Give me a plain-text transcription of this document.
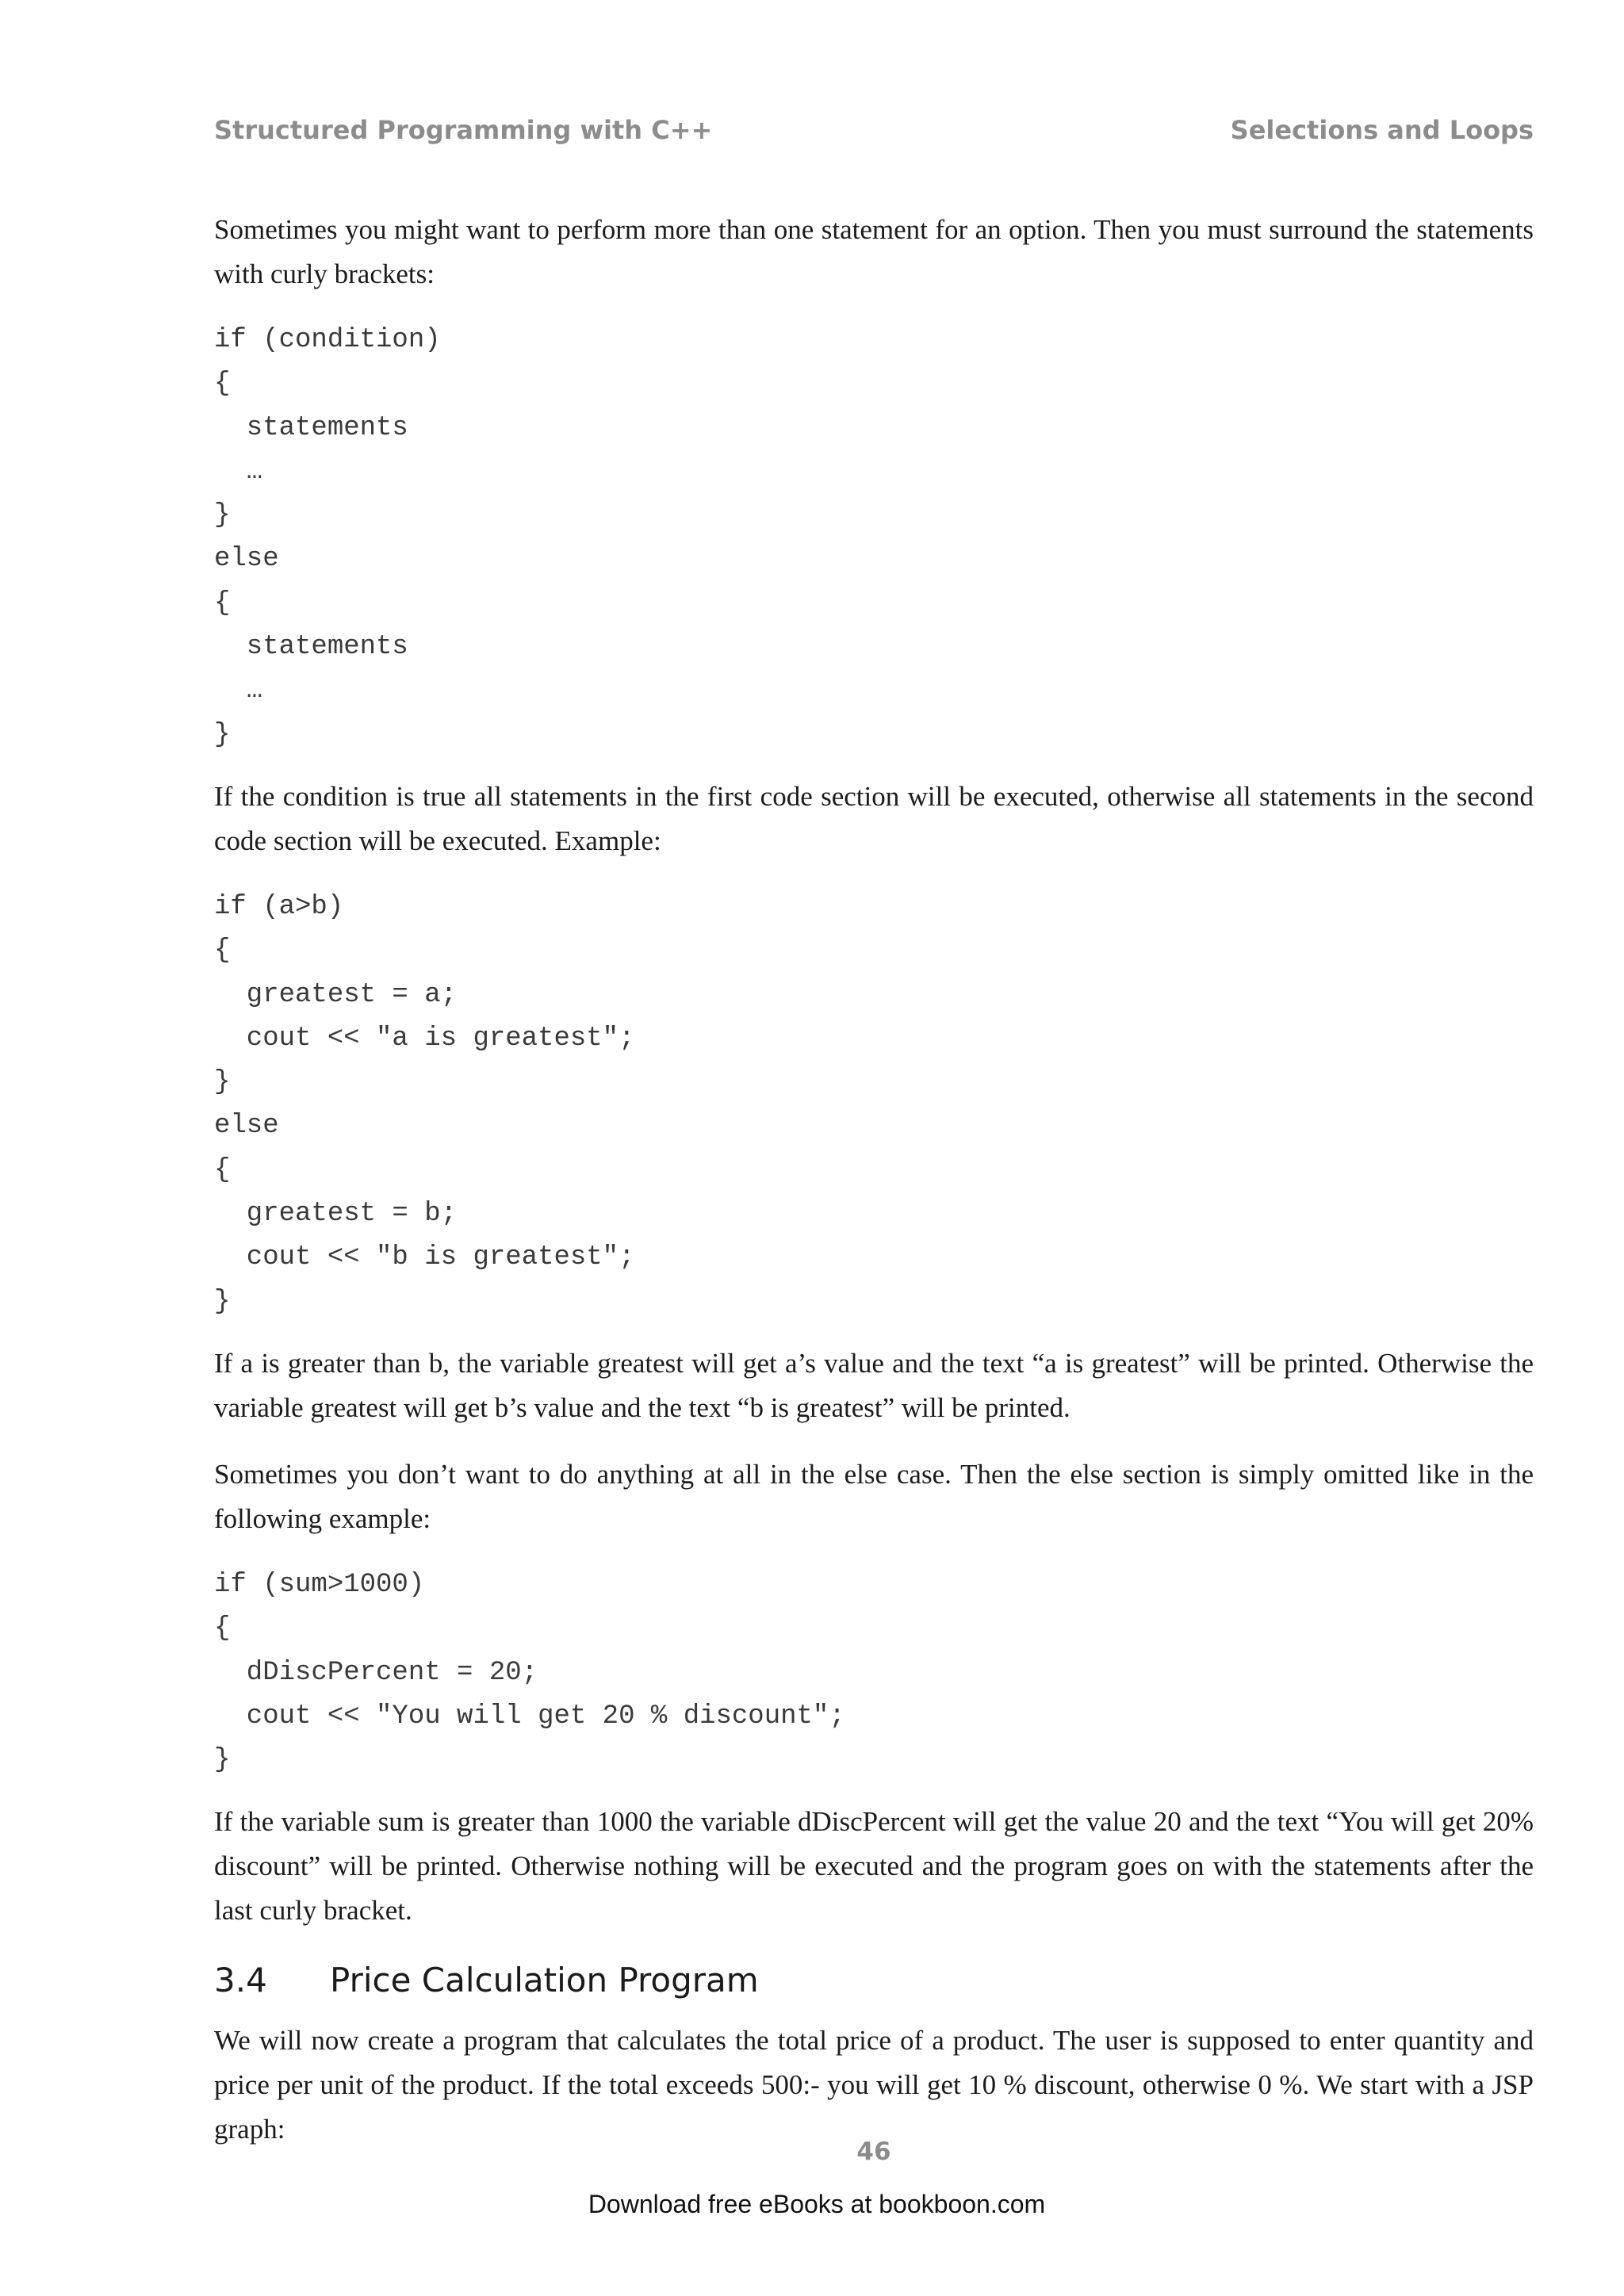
Structured Programming with C++	Selections and Loops

Sometimes you might want to perform more than one statement for an option. Then you must surround the statements with curly brackets:

if (condition)
{
statements
…
}
else
{
statements
…
}

If the condition is true all statements in the first code section will be executed, otherwise all statements in the second code section will be executed. Example:

if (a>b)
{
greatest = a;
cout << "a is greatest";
}
else
{
greatest = b;
cout << "b is greatest";
}

If a is greater than b, the variable greatest will get a’s value and the text “a is greatest” will be printed. Otherwise the variable greatest will get b’s value and the text “b is greatest” will be printed.

Sometimes you don’t want to do anything at all in the else case. Then the else section is simply omitted like in the following example:

if (sum>1000)
{
dDiscPercent = 20;
cout << "You will get 20 % discount";
}

If the variable sum is greater than 1000 the variable dDiscPercent will get the value 20 and the text “You will get 20% discount” will be printed. Otherwise nothing will be executed and the program goes on with the statements after the last curly bracket.

3.4	Price Calculation Program

We will now create a program that calculates the total price of a product. The user is supposed to enter quantity and price per unit of the product. If the total exceeds 500:- you will get 10 % discount, otherwise 0 %. We start with a JSP graph:

46
Download free eBooks at bookboon.com
